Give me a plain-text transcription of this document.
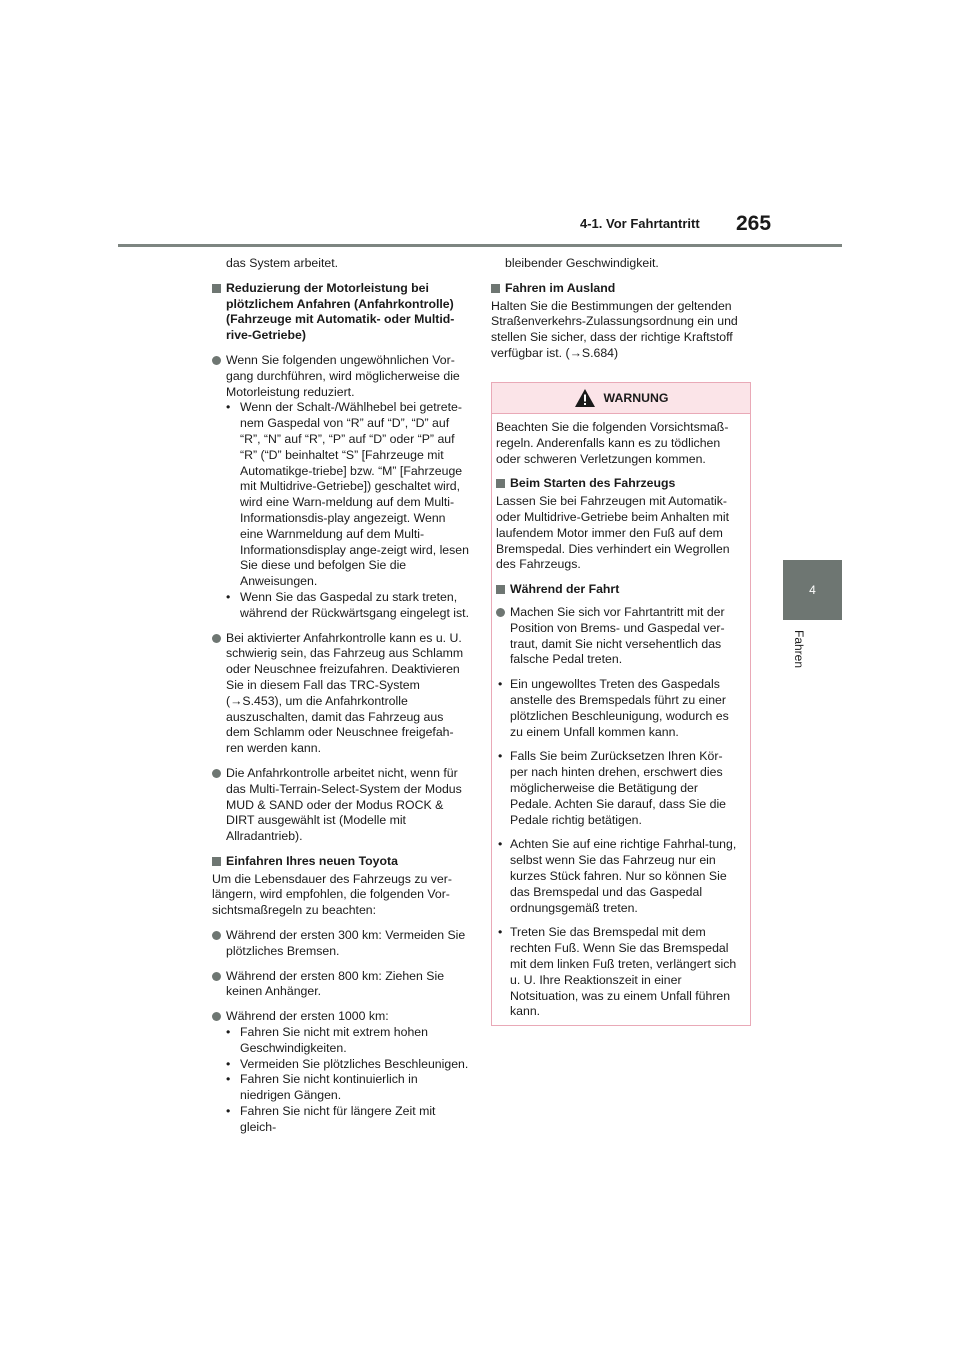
4-1. Vor Fahrtantritt 265
4
Fahren

das System arbeitet.

Reduzierung der Motorleistung bei plötzlichem Anfahren (Anfahrkontrolle) (Fahrzeuge mit Automatik- oder Multid-rive-Getriebe)

Wenn Sie folgenden ungewöhnlichen Vor-gang durchführen, wird möglicherweise die Motorleistung reduziert.

• Wenn der Schalt-/Wählhebel bei getrete-nem Gaspedal von “R” auf “D”, “D” auf “R”, “N” auf “R”, “P” auf “D” oder “P” auf “R” (“D” beinhaltet “S” [Fahrzeuge mit Automatikge-triebe] bzw. “M” [Fahrzeuge mit Multidrive-Getriebe]) geschaltet wird, wird eine Warn-meldung auf dem Multi-Informationsdis-play angezeigt. Wenn eine Warnmeldung auf dem Multi-Informationsdisplay ange-zeigt wird, lesen Sie diese und befolgen Sie die Anweisungen.
• Wenn Sie das Gaspedal zu stark treten, während der Rückwärtsgang eingelegt ist.

Bei aktivierter Anfahrkontrolle kann es u. U. schwierig sein, das Fahrzeug aus Schlamm oder Neuschnee freizufahren. Deaktivieren Sie in diesem Fall das TRC-System (→S.453), um die Anfahrkontrolle auszuschalten, damit das Fahrzeug aus dem Schlamm oder Neuschnee freigefah-ren werden kann.

Die Anfahrkontrolle arbeitet nicht, wenn für das Multi-Terrain-Select-System der Modus MUD & SAND oder der Modus ROCK & DIRT ausgewählt ist (Modelle mit Allradantrieb).

Einfahren Ihres neuen Toyota

Um die Lebensdauer des Fahrzeugs zu ver-längern, wird empfohlen, die folgenden Vor-sichtsmaßregeln zu beachten:

Während der ersten 300 km: Vermeiden Sie plötzliches Bremsen.

Während der ersten 800 km: Ziehen Sie keinen Anhänger.

Während der ersten 1000 km:

• Fahren Sie nicht mit extrem hohen Geschwindigkeiten.
• Vermeiden Sie plötzliches Beschleunigen.
• Fahren Sie nicht kontinuierlich in niedrigen Gängen.
• Fahren Sie nicht für längere Zeit mit gleich-

bleibender Geschwindigkeit.

Fahren im Ausland

Halten Sie die Bestimmungen der geltenden Straßenverkehrs-Zulassungsordnung ein und stellen Sie sicher, dass der richtige Kraftstoff verfügbar ist. (→S.684)

WARNUNG

Beachten Sie die folgenden Vorsichtsmaß-regeln. Anderenfalls kann es zu tödlichen oder schweren Verletzungen kommen.

Beim Starten des Fahrzeugs

Lassen Sie bei Fahrzeugen mit Automatik- oder Multidrive-Getriebe beim Anhalten mit laufendem Motor immer den Fuß auf dem Bremspedal. Dies verhindert ein Wegrollen des Fahrzeugs.

Während der Fahrt

Machen Sie sich vor Fahrtantritt mit der Position von Brems- und Gaspedal ver-traut, damit Sie nicht versehentlich das falsche Pedal treten.

• Ein ungewolltes Treten des Gaspedals anstelle des Bremspedals führt zu einer plötzlichen Beschleunigung, wodurch es zu einem Unfall kommen kann.

• Falls Sie beim Zurücksetzen Ihren Kör-per nach hinten drehen, erschwert dies möglicherweise die Betätigung der Pedale. Achten Sie darauf, dass Sie die Pedale richtig betätigen.

• Achten Sie auf eine richtige Fahrhal-tung, selbst wenn Sie das Fahrzeug nur ein kurzes Stück fahren. Nur so können Sie das Bremspedal und das Gaspedal ordnungsgemäß treten.

• Treten Sie das Bremspedal mit dem rechten Fuß. Wenn Sie das Bremspedal mit dem linken Fuß treten, verlängert sich u. U. Ihre Reaktionszeit in einer Notsituation, was zu einem Unfall führen kann.
